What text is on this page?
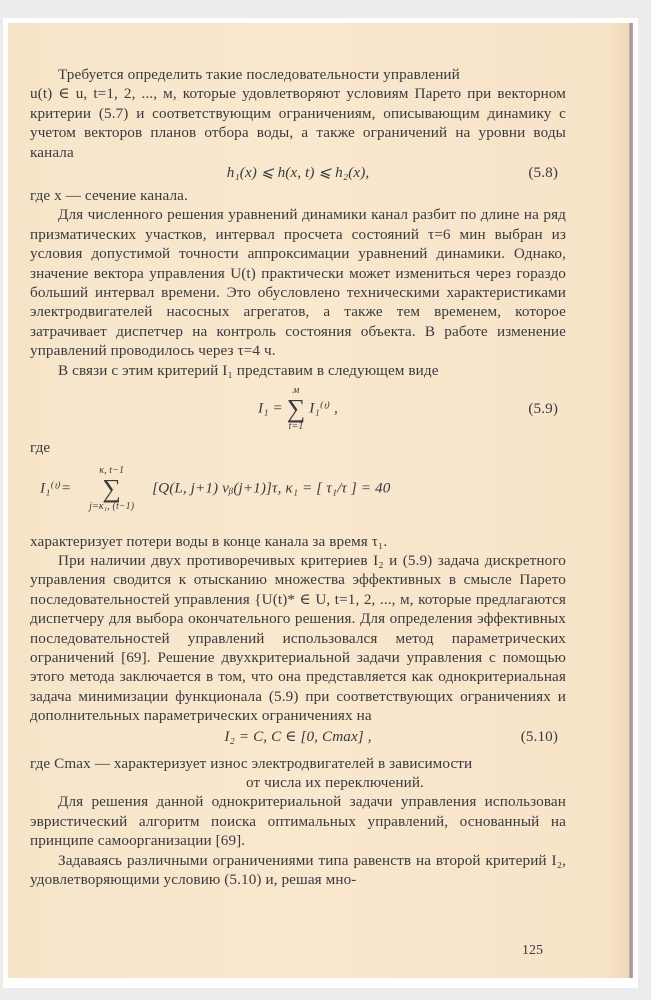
Требуется определить такие последовательности управлений

u(t) ∈ u, t=1, 2, ..., м, которые удовлетворяют условиям Парето при векторном критерии (5.7) и соответствующим ограничениям, описывающим динамику с учетом векторов планов отбора воды, а также ограничений на уровни воды канала

h₁(x) ⩽ h(x, t) ⩽ h₂(x),	(5.8)

где x — сечение канала.

Для численного решения уравнений динамики канал разбит по длине на ряд призматических участков, интервал просчета состояний τ=6 мин выбран из условия допустимой точности аппроксимации уравнений динамики. Однако, значение вектора управления U(t) практически может измениться через гораздо больший интервал времени. Это обусловлено техническими характеристиками электродвигателей насосных агрегатов, а также тем временем, которое затрачивает диспетчер на контроль состояния объекта. В работе изменение управлений проводилось через τ=4 ч.

В связи с этим критерий I₁ представим в следующем виде

I₁ =
м
∑
t=1
I₁⁽ᵗ⁾ ,	(5.9)

где

I₁⁽ᵗ⁾=
κ, t−1
∑
j=κ₁, (t−1)
[Q(L, j+1) vᵦ(j+1)]τ, κ₁ = [ τ₁/τ ] = 40

характеризует потери воды в конце канала за время τ₁.

При наличии двух противоречивых критериев I₂ и (5.9) задача дискретного управления сводится к отысканию множества эффективных в смысле Парето последовательностей управления {U(t)* ∈ U, t=1, 2, ..., м, которые предлагаются диспетчеру для выбора окончательного решения. Для определения эффективных последовательностей управлений использовался метод параметрических ограничений [69]. Решение двухкритериальной задачи управления с помощью этого метода заключается в том, что она представляется как однокритериальная задача минимизации функционала (5.9) при соответствующих ограничениях и дополнительных параметрических ограничениях на

I₂ = C, C ∈ [0, Cmax] ,	(5.10)

где Cmax — характеризует износ электродвигателей в зависимости

от числа их переключений.

Для решения данной однокритериальной задачи управления использован эвристический алгоритм поиска оптимальных управлений, основанный на принципе самоорганизации [69].

Задаваясь различными ограничениями типа равенств на второй критерий I₂, удовлетворяющими условию (5.10) и, решая мно-

125
